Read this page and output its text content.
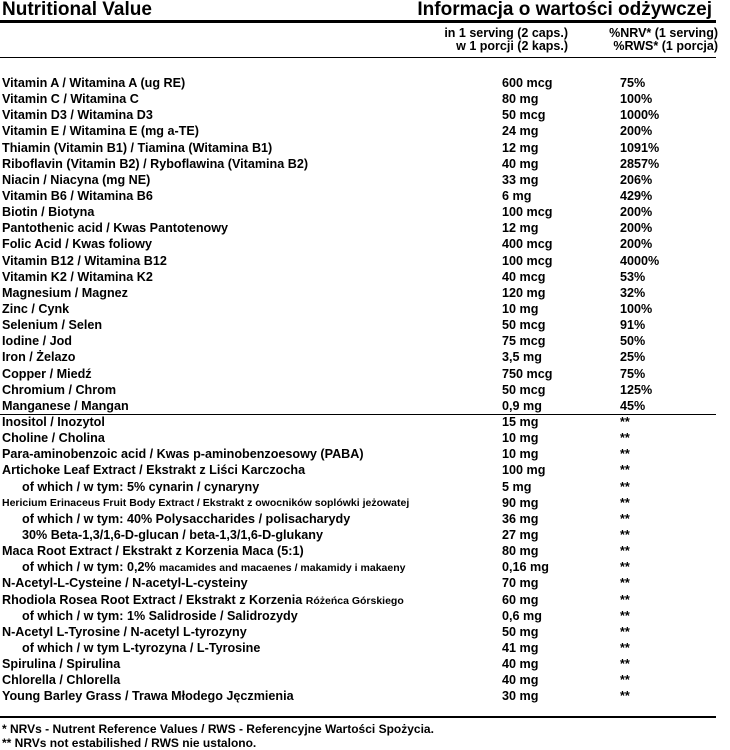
Nutritional Value	Informacja o wartości odżywczej
in 1 serving (2 caps.)
w 1 porcji (2 kaps.)
%NRV* (1 serving)
%RWS* (1 porcja)
Vitamin A / Witamina A (ug RE)	600 mcg	75%
Vitamin C / Witamina C	80 mg	100%
Vitamin D3 / Witamina D3	50 mcg	1000%
Vitamin E / Witamina E (mg a-TE)	24 mg	200%
Thiamin (Vitamin B1) / Tiamina (Witamina B1)	12 mg	1091%
Riboflavin (Vitamin B2) / Ryboflawina (Vitamina B2)	40 mg	2857%
Niacin / Niacyna (mg NE)	33 mg	206%
Vitamin B6 / Witamina B6	6 mg	429%
Biotin / Biotyna	100 mcg	200%
Pantothenic acid / Kwas Pantotenowy	12 mg	200%
Folic Acid / Kwas foliowy	400 mcg	200%
Vitamin B12 / Witamina B12	100 mcg	4000%
Vitamin K2 / Witamina K2	40 mcg	53%
Magnesium / Magnez	120 mg	32%
Zinc / Cynk	10 mg	100%
Selenium / Selen	50 mcg	91%
Iodine / Jod	75 mcg	50%
Iron / Żelazo	3,5 mg	25%
Copper / Miedź	750 mcg	75%
Chromium / Chrom	50 mcg	125%
Manganese / Mangan	0,9 mg	45%
Inositol / Inozytol	15 mg	**
Choline / Cholina	10 mg	**
Para-aminobenzoic acid / Kwas p-aminobenzoesowy (PABA)	10 mg	**
Artichoke Leaf Extract / Ekstrakt z Liści Karczocha	100 mg	**
of which / w tym: 5% cynarin / cynaryny	5 mg	**
Hericium Erinaceus Fruit Body Extract / Ekstrakt z owocników soplówki jeżowatej	90 mg	**
of which / w tym: 40% Polysaccharides / polisacharydy	36 mg	**
30% Beta-1,3/1,6-D-glucan / beta-1,3/1,6-D-glukany	27 mg	**
Maca Root Extract / Ekstrakt z Korzenia Maca (5:1)	80 mg	**
of which / w tym: 0,2% macamides and macaenes / makamidy i makaeny	0,16 mg	**
N-Acetyl-L-Cysteine / N-acetyl-L-cysteiny	70 mg	**
Rhodiola Rosea Root Extract / Ekstrakt z Korzenia Różeńca Górskiego	60 mg	**
of which / w tym: 1% Salidroside / Salidrozydy	0,6 mg	**
N-Acetyl L-Tyrosine / N-acetyl L-tyrozyny	50 mg	**
of which / w tym L-tyrozyna / L-Tyrosine	41 mg	**
Spirulina / Spirulina	40 mg	**
Chlorella / Chlorella	40 mg	**
Young Barley Grass / Trawa Młodego Jęczmienia	30 mg	**
* NRVs - Nutrent Reference Values / RWS - Referencyjne Wartości Spożycia.
** NRVs not estabilished / RWS nie ustalono.
